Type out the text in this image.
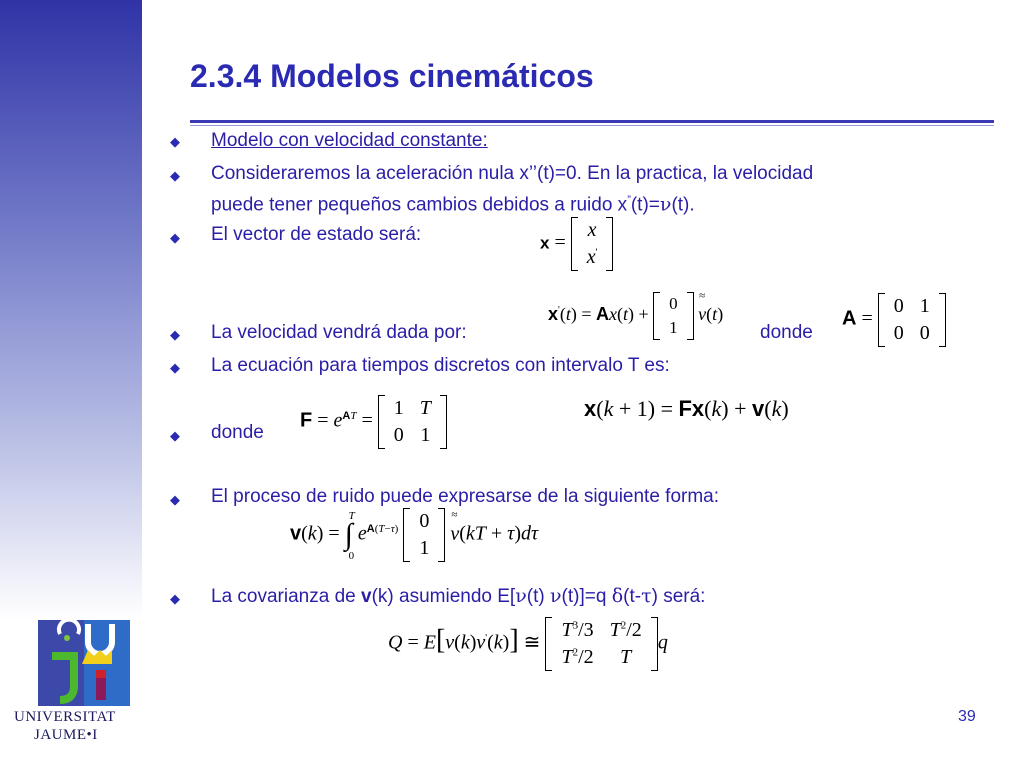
2.3.4 Modelos cinemáticos
◆ Modelo con velocidad constante:
◆ Consideraremos la aceleración nula x’’(t)=0. En la practica, la velocidad
puede tener pequeños cambios debidos a ruido x”(t)=ν(t).
◆ El vector de estado será:	x =
x
x'
◆ La velocidad vendrá dada por:
x'(t) = Ax(t) +
0
1

≈
ν(t)
donde
A =
0	1
0	0
◆ La ecuación para tiempos discretos con intervalo T es:
x(k + 1) = Fx(k) + v(k)
◆ donde
$F = e^{AT}$ =
1	T
0	1
◆ El proceso de ruido puede expresarse de la siguiente forma:
v(k) = ∫
T
0
$e^{A(T-\tau)}$ 0
1

≈
ν(kT + τ)dτ
◆ La covarianza de v(k) asumiendo E[ν(t) ν(t)]=q δ(t-τ) será:
Q = E[v(k)v'(k)] ≅
$T^3/3$	$T^2/2$
$T^2/2$	T
q
UNIVERSITAT
JAUME•I
39
